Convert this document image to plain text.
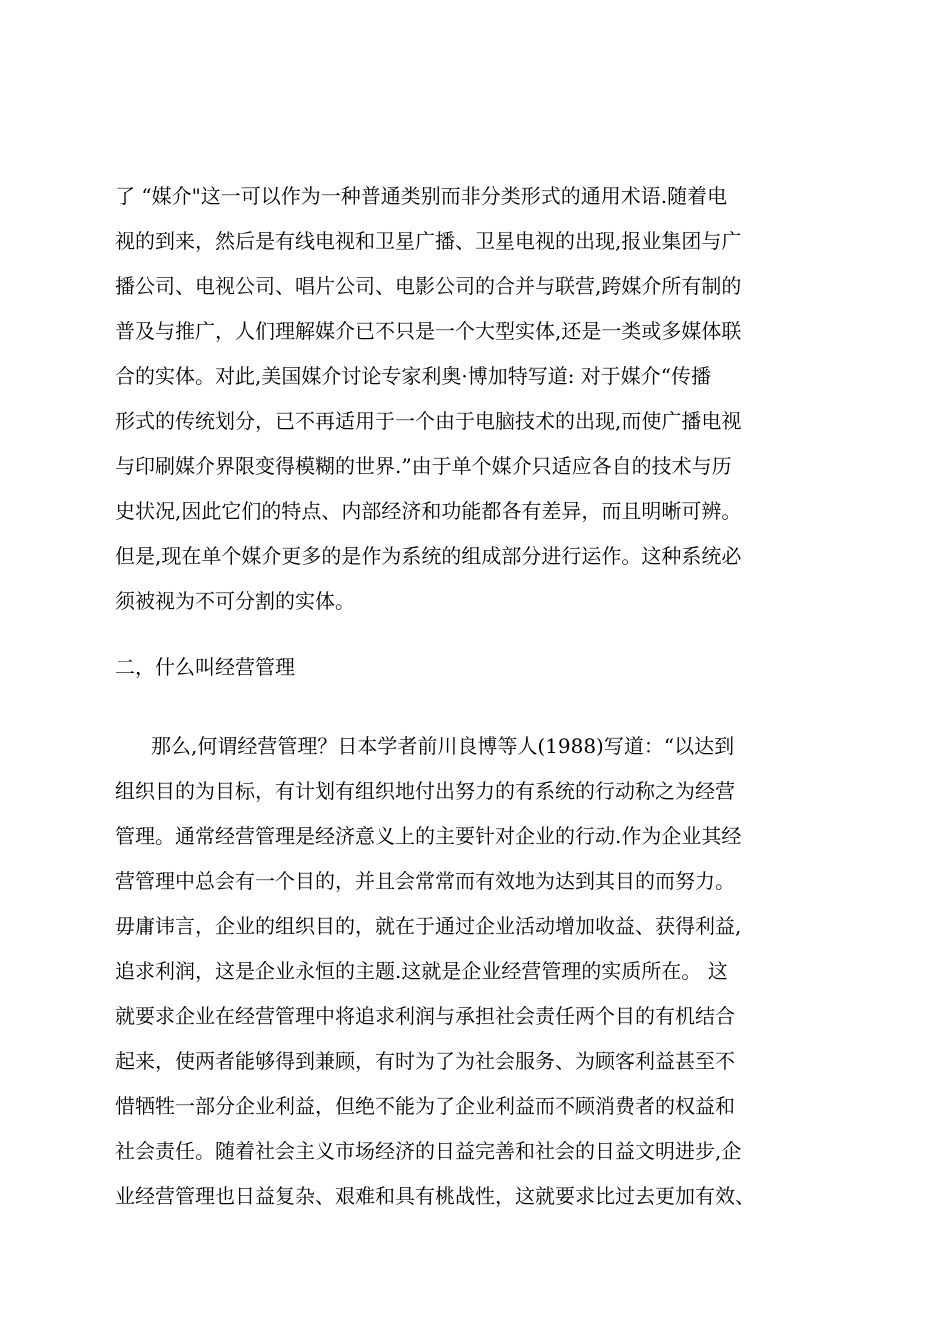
了 “媒介"这一可以作为一种普通类别而非分类形式的通用术语.随着电
视的到来，然后是有线电视和卫星广播、卫星电视的出现,报业集团与广
播公司、电视公司、唱片公司、电影公司的合并与联营,跨媒介所有制的
普及与推广，人们理解媒介已不只是一个大型实体,还是一类或多媒体联
合的实体。对此,美国媒介讨论专家利奥·博加特写道: 对于媒介“传播
形式的传统划分，已不再适用于一个由于电脑技术的出现,而使广播电视
与印刷媒介界限变得模糊的世界.”由于单个媒介只适应各自的技术与历
史状况,因此它们的特点、内部经济和功能都各有差异，而且明晰可辨。
但是,现在单个媒介更多的是作为系统的组成部分进行运作。这种系统必
须被视为不可分割的实体。
二，什么叫经营管理
那么,何谓经营管理？日本学者前川良博等人(1988)写道：“以达到
组织目的为目标，有计划有组织地付出努力的有系统的行动称之为经营
管理。通常经营管理是经济意义上的主要针对企业的行动.作为企业其经
营管理中总会有一个目的，并且会常常而有效地为达到其目的而努力。
毋庸讳言，企业的组织目的，就在于通过企业活动增加收益、获得利益,
追求利润，这是企业永恒的主题.这就是企业经营管理的实质所在。 这
就要求企业在经营管理中将追求利润与承担社会责任两个目的有机结合
起来，使两者能够得到兼顾，有时为了为社会服务、为顾客利益甚至不
惜牺牲一部分企业利益，但绝不能为了企业利益而不顾消费者的权益和
社会责任。随着社会主义市场经济的日益完善和社会的日益文明进步,企
业经营管理也日益复杂、艰难和具有桃战性，这就要求比过去更加有效、
